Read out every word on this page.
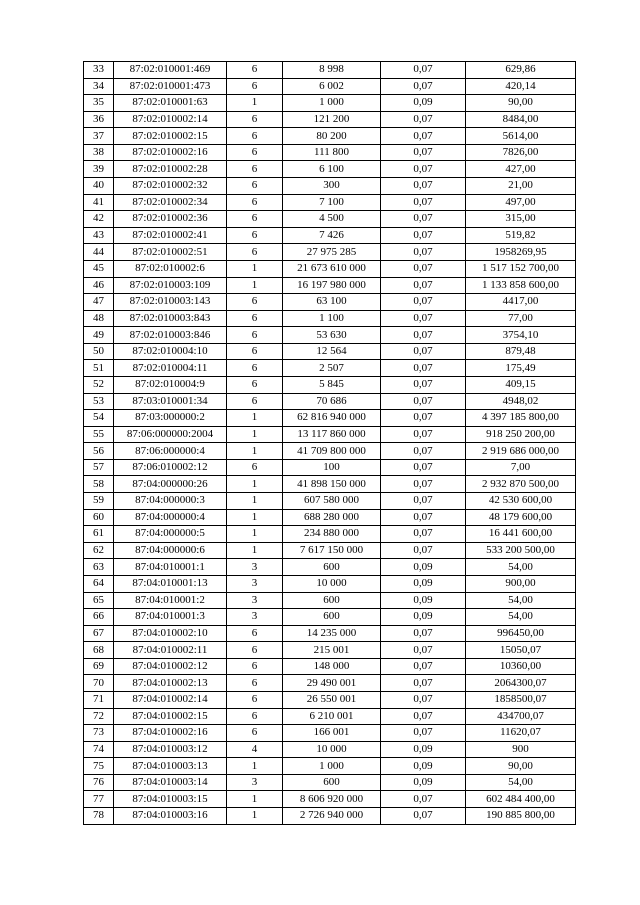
33	87:02:010001:469	6	8 998	0,07	629,86
34	87:02:010001:473	6	6 002	0,07	420,14
35	87:02:010001:63	1	1 000	0,09	90,00
36	87:02:010002:14	6	121 200	0,07	8484,00
37	87:02:010002:15	6	80 200	0,07	5614,00
38	87:02:010002:16	6	111 800	0,07	7826,00
39	87:02:010002:28	6	6 100	0,07	427,00
40	87:02:010002:32	6	300	0,07	21,00
41	87:02:010002:34	6	7 100	0,07	497,00
42	87:02:010002:36	6	4 500	0,07	315,00
43	87:02:010002:41	6	7 426	0,07	519,82
44	87:02:010002:51	6	27 975 285	0,07	1958269,95
45	87:02:010002:6	1	21 673 610 000	0,07	1 517 152 700,00
46	87:02:010003:109	1	16 197 980 000	0,07	1 133 858 600,00
47	87:02:010003:143	6	63 100	0,07	4417,00
48	87:02:010003:843	6	1 100	0,07	77,00
49	87:02:010003:846	6	53 630	0,07	3754,10
50	87:02:010004:10	6	12 564	0,07	879,48
51	87:02:010004:11	6	2 507	0,07	175,49
52	87:02:010004:9	6	5 845	0,07	409,15
53	87:03:010001:34	6	70 686	0,07	4948,02
54	87:03:000000:2	1	62 816 940 000	0,07	4 397 185 800,00
55	87:06:000000:2004	1	13 117 860 000	0,07	918 250 200,00
56	87:06:000000:4	1	41 709 800 000	0,07	2 919 686 000,00
57	87:06:010002:12	6	100	0,07	7,00
58	87:04:000000:26	1	41 898 150 000	0,07	2 932 870 500,00
59	87:04:000000:3	1	607 580 000	0,07	42 530 600,00
60	87:04:000000:4	1	688 280 000	0,07	48 179 600,00
61	87:04:000000:5	1	234 880 000	0,07	16 441 600,00
62	87:04:000000:6	1	7 617 150 000	0,07	533 200 500,00
63	87:04:010001:1	3	600	0,09	54,00
64	87:04:010001:13	3	10 000	0,09	900,00
65	87:04:010001:2	3	600	0,09	54,00
66	87:04:010001:3	3	600	0,09	54,00
67	87:04:010002:10	6	14 235 000	0,07	996450,00
68	87:04:010002:11	6	215 001	0,07	15050,07
69	87:04:010002:12	6	148 000	0,07	10360,00
70	87:04:010002:13	6	29 490 001	0,07	2064300,07
71	87:04:010002:14	6	26 550 001	0,07	1858500,07
72	87:04:010002:15	6	6 210 001	0,07	434700,07
73	87:04:010002:16	6	166 001	0,07	11620,07
74	87:04:010003:12	4	10 000	0,09	900
75	87:04:010003:13	1	1 000	0,09	90,00
76	87:04:010003:14	3	600	0,09	54,00
77	87:04:010003:15	1	8 606 920 000	0,07	602 484 400,00
78	87:04:010003:16	1	2 726 940 000	0,07	190 885 800,00
